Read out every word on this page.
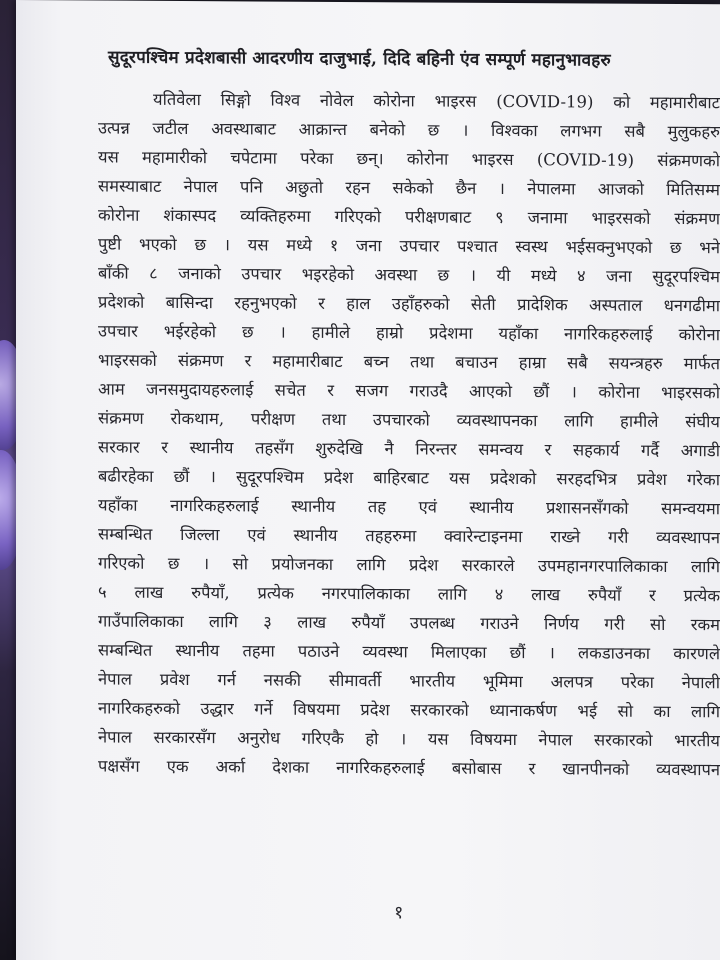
सुदूरपश्चिम प्रदेशबासी आदरणीय दाजुभाई, दिदि बहिनी एंव सम्पूर्ण महानुभावहरु
यतिवेला सिङ्गो विश्व नोवेल कोरोना भाइरस (COVID-19) को महामारीबाट
उत्पन्न जटील अवस्थाबाट आक्रान्त बनेको छ । विश्वका लगभग सबै मुलुकहरु
यस महामारीको चपेटामा परेका छन्। कोरोना भाइरस (COVID-19) संक्रमणको
समस्याबाट नेपाल पनि अछुतो रहन सकेको छैन । नेपालमा आजको मितिसम्म
कोरोना शंकास्पद व्यक्तिहरुमा गरिएको परीक्षणबाट ९ जनामा भाइरसको संक्रमण
पुष्टी भएको छ । यस मध्ये १ जना उपचार पश्चात स्वस्थ भईसक्नुभएको छ भने
बाँकी ८ जनाको उपचार भइरहेको अवस्था छ । यी मध्ये ४ जना सुदूरपश्चिम
प्रदेशको बासिन्दा रहनुभएको र हाल उहाँहरुको सेती प्रादेशिक अस्पताल धनगढीमा
उपचार भईरहेको छ । हामीले हाम्रो प्रदेशमा यहाँका नागरिकहरुलाई कोरोना
भाइरसको संक्रमण र महामारीबाट बच्न तथा बचाउन हाम्रा सबै सयन्त्रहरु मार्फत
आम जनसमुदायहरुलाई सचेत र सजग गराउदै आएको छौं । कोरोना भाइरसको
संक्रमण रोकथाम, परीक्षण तथा उपचारको व्यवस्थापनका लागि हामीले संघीय
सरकार र स्थानीय तहसँग शुरुदेखि नै निरन्तर समन्वय र सहकार्य गर्दै अगाडी
बढीरहेका छौं । सुदूरपश्चिम प्रदेश बाहिरबाट यस प्रदेशको सरहदभित्र प्रवेश गरेका
यहाँका नागरिकहरुलाई स्थानीय तह एवं स्थानीय प्रशासनसँगको समन्वयमा
सम्बन्धित जिल्ला एवं स्थानीय तहहरुमा क्वारेन्टाइनमा राख्ने गरी व्यवस्थापन
गरिएको छ । सो प्रयोजनका लागि प्रदेश सरकारले उपमहानगरपालिकाका लागि
५ लाख रुपैयाँ, प्रत्येक नगरपालिकाका लागि ४ लाख रुपैयाँ र प्रत्येक
गाउँपालिकाका लागि ३ लाख रुपैयाँ उपलब्ध गराउने निर्णय गरी सो रकम
सम्बन्धित स्थानीय तहमा पठाउने व्यवस्था मिलाएका छौं । लकडाउनका कारणले
नेपाल प्रवेश गर्न नसकी सीमावर्ती भारतीय भूमिमा अलपत्र परेका नेपाली
नागरिकहरुको उद्धार गर्ने विषयमा प्रदेश सरकारको ध्यानाकर्षण भई सो का लागि
नेपाल सरकारसँग अनुरोध गरिएकै हो । यस विषयमा नेपाल सरकारको भारतीय
पक्षसँग एक अर्का देशका नागरिकहरुलाई बसोबास र खानपीनको व्यवस्थापन
१
